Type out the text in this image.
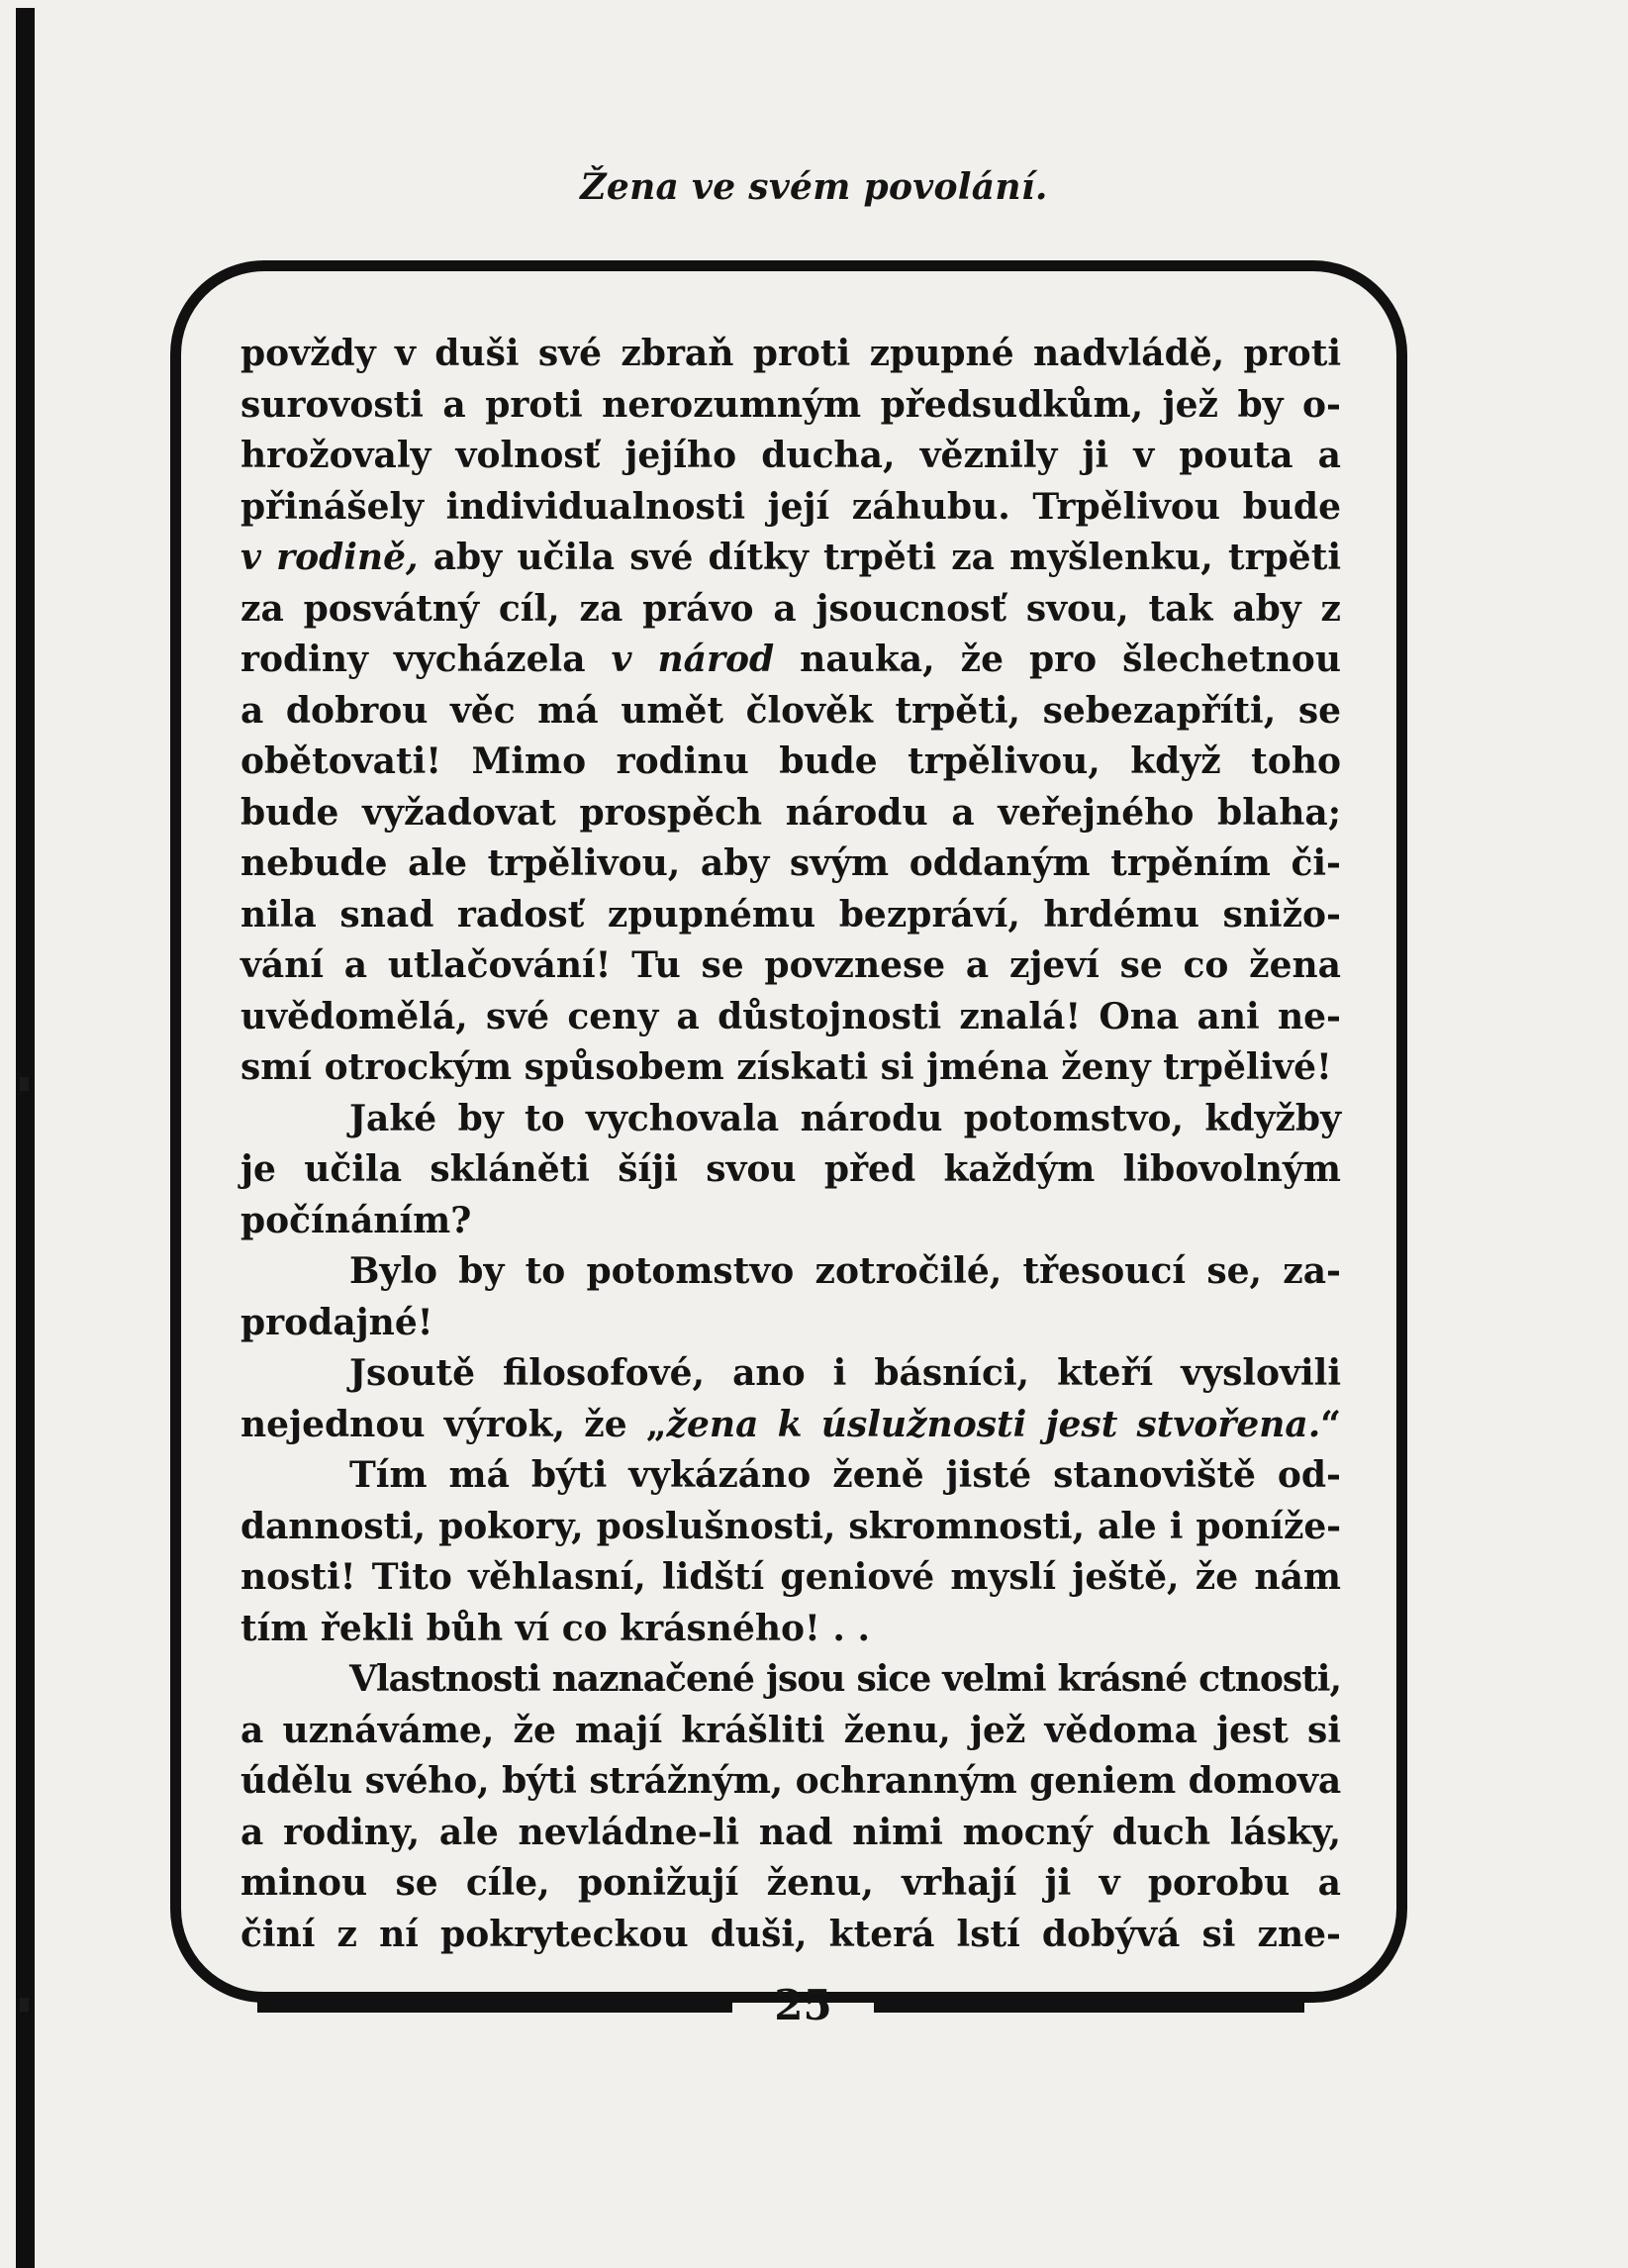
Žena ve svém povolání.
povždy v duši své zbraň proti zpupné nadvládě, proti
surovosti a proti nerozumným předsudkům, jež by o-
hrožovaly volnosť jejího ducha, věznily ji v pouta a
přinášely individualnosti její záhubu. Trpělivou bude
v rodině, aby učila své dítky trpěti za myšlenku, trpěti
za posvátný cíl, za právo a jsoucnosť svou, tak aby z
rodiny vycházela v národ nauka, že pro šlechetnou
a dobrou věc má umět člověk trpěti, sebezapříti, se
obětovati! Mimo rodinu bude trpělivou, když toho
bude vyžadovat prospěch národu a veřejného blaha;
nebude ale trpělivou, aby svým oddaným trpěním či-
nila snad radosť zpupnému bezpráví, hrdému snižo-
vání a utlačování! Tu se povznese a zjeví se co žena
uvědomělá, své ceny a důstojnosti znalá! Ona ani ne-
smí otrockým spůsobem získati si jména ženy trpělivé!
Jaké by to vychovala národu potomstvo, kdyžby
je učila skláněti šíji svou před každým libovolným
počínáním?
Bylo by to potomstvo zotročilé, třesoucí se, za-
prodajné!
Jsoutě filosofové, ano i básníci, kteří vyslovili
nejednou výrok, že „žena k úslužnosti jest stvořena.“
Tím má býti vykázáno ženě jisté stanoviště od-
dannosti, pokory, poslušnosti, skromnosti, ale i poníže-
nosti! Tito věhlasní, lidští geniové myslí ještě, že nám
tím řekli bůh ví co krásného! . .
Vlastnosti naznačené jsou sice velmi krásné ctnosti,
a uznáváme, že mají krášliti ženu, jež vědoma jest si
údělu svého, býti strážným, ochranným geniem domova
a rodiny, ale nevládne-li nad nimi mocný duch lásky,
minou se cíle, ponižují ženu, vrhají ji v porobu a
činí z ní pokryteckou duši, která lstí dobývá si zne-
25
